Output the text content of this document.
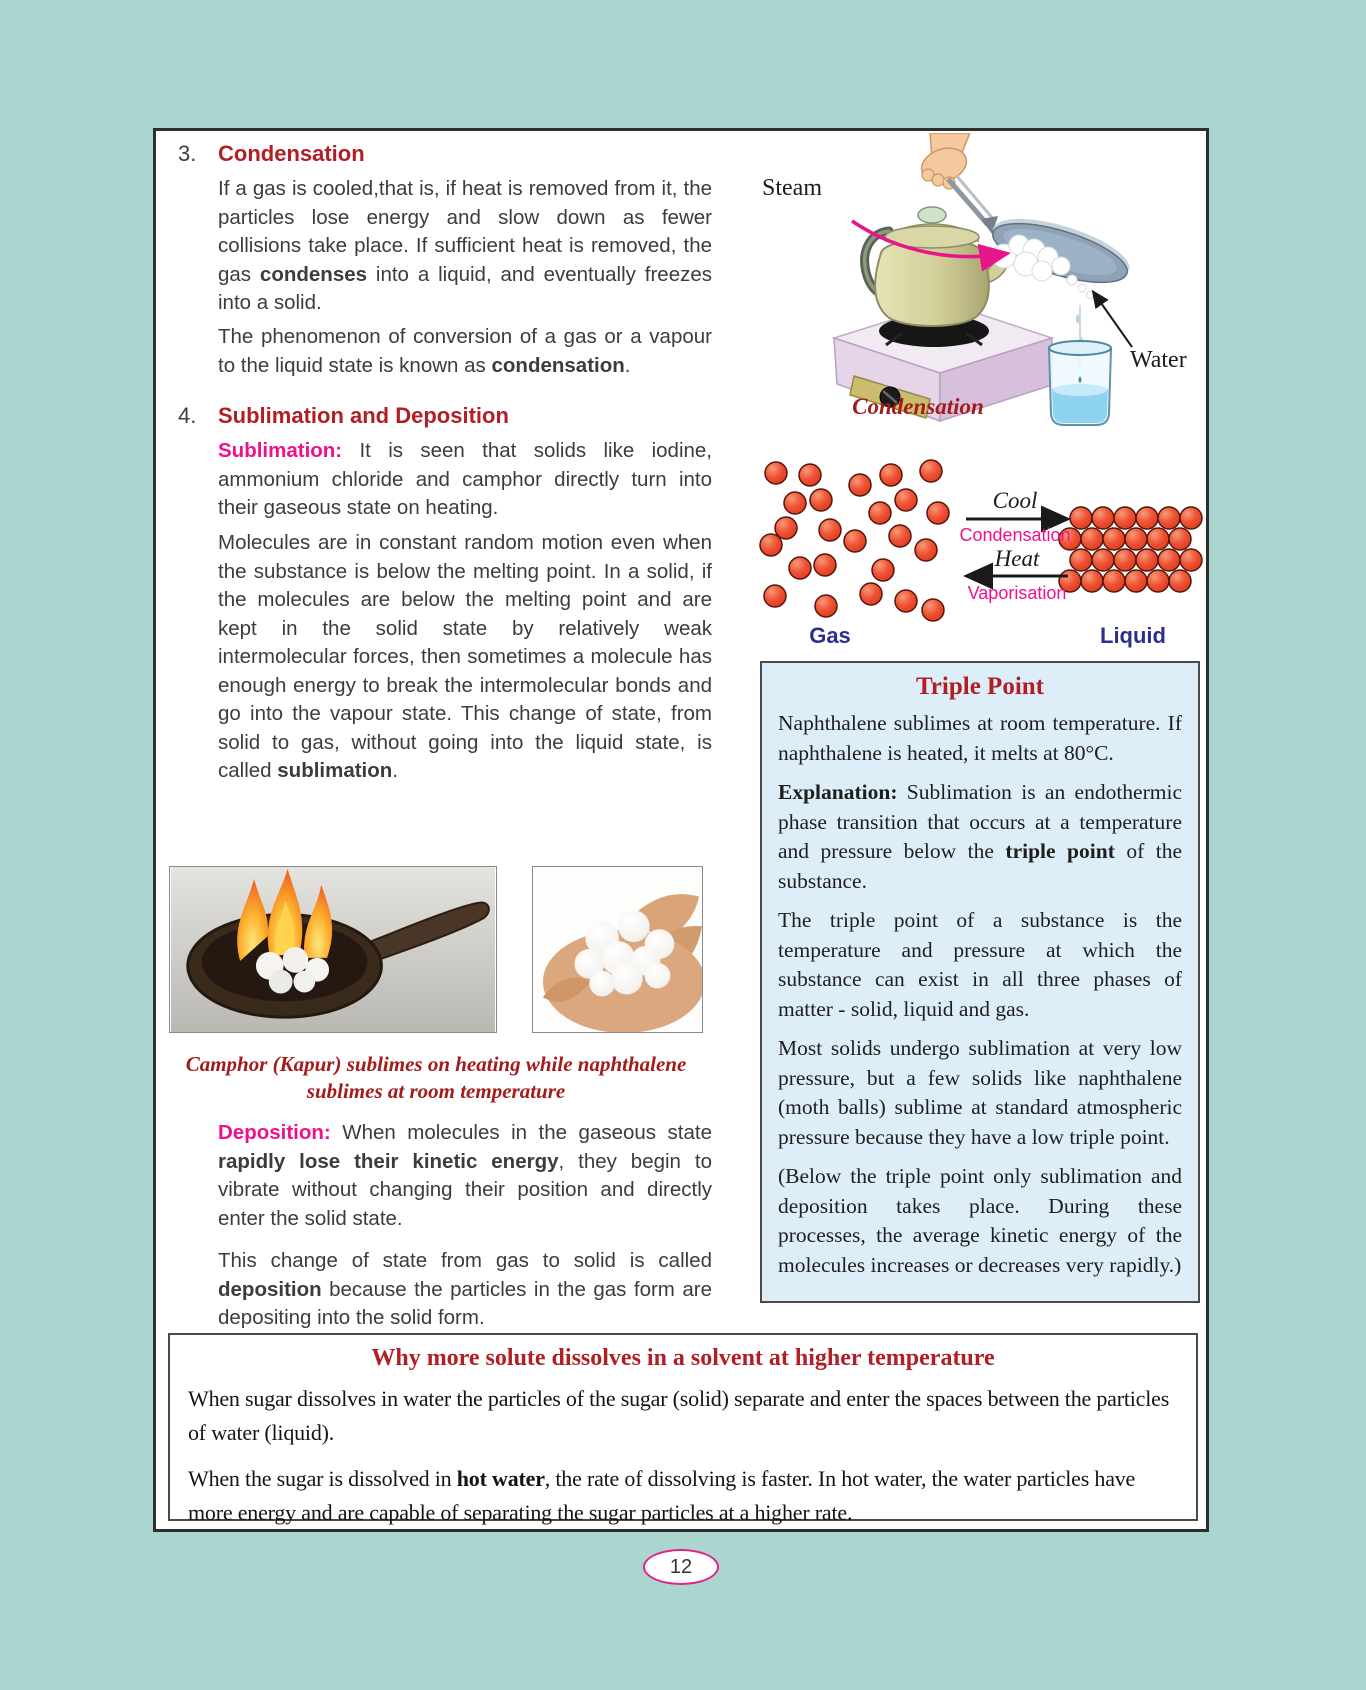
3. Condensation
If a gas is cooled,that is, if heat is removed from it, the particles lose energy and slow down as fewer collisions take place. If sufficient heat is removed, the gas condenses into a liquid, and eventually freezes into a solid.
The phenomenon of conversion of a gas or a vapour to the liquid state is known as condensation.
4. Sublimation and Deposition
Sublimation: It is seen that solids like iodine, ammonium chloride and camphor directly turn into their gaseous state on heating.
Molecules are in constant random motion even when the substance is below the melting point. In a solid, if the molecules are below the melting point and are kept in the solid state by relatively weak intermolecular forces, then sometimes a molecule has enough energy to break the intermolecular bonds and go into the vapour state. This change of state, from solid to gas, without going into the liquid state, is called sublimation.
Camphor (Kapur) sublimes on heating while naphthalene sublimes at room temperature
Deposition: When molecules in the gaseous state rapidly lose their kinetic energy, they begin to vibrate without changing their position and directly enter the solid state.
This change of state from gas to solid is called deposition because the particles in the gas form are depositing into the solid form.
Steam
Water
Condensation
Cool
Condensation
Heat
Vaporisation
Gas	Liquid
Triple Point

Naphthalene sublimes at room temperature. If naphthalene is heated, it melts at 80°C.

Explanation: Sublimation is an endothermic phase transition that occurs at a temperature and pressure below the triple point of the substance.

The triple point of a substance is the temperature and pressure at which the substance can exist in all three phases of matter - solid, liquid and gas.

Most solids undergo sublimation at very low pressure, but a few solids like naphthalene (moth balls) sublime at standard atmospheric pressure because they have a low triple point.

(Below the triple point only sublimation and deposition takes place. During these processes, the average kinetic energy of the molecules increases or decreases very rapidly.)

Why more solute dissolves in a solvent at higher temperature

When sugar dissolves in water the particles of the sugar (solid) separate and enter the spaces between the particles of water (liquid).

When the sugar is dissolved in hot water, the rate of dissolving is faster. In hot water, the water particles have more energy and are capable of separating the sugar particles at a higher rate.

12
